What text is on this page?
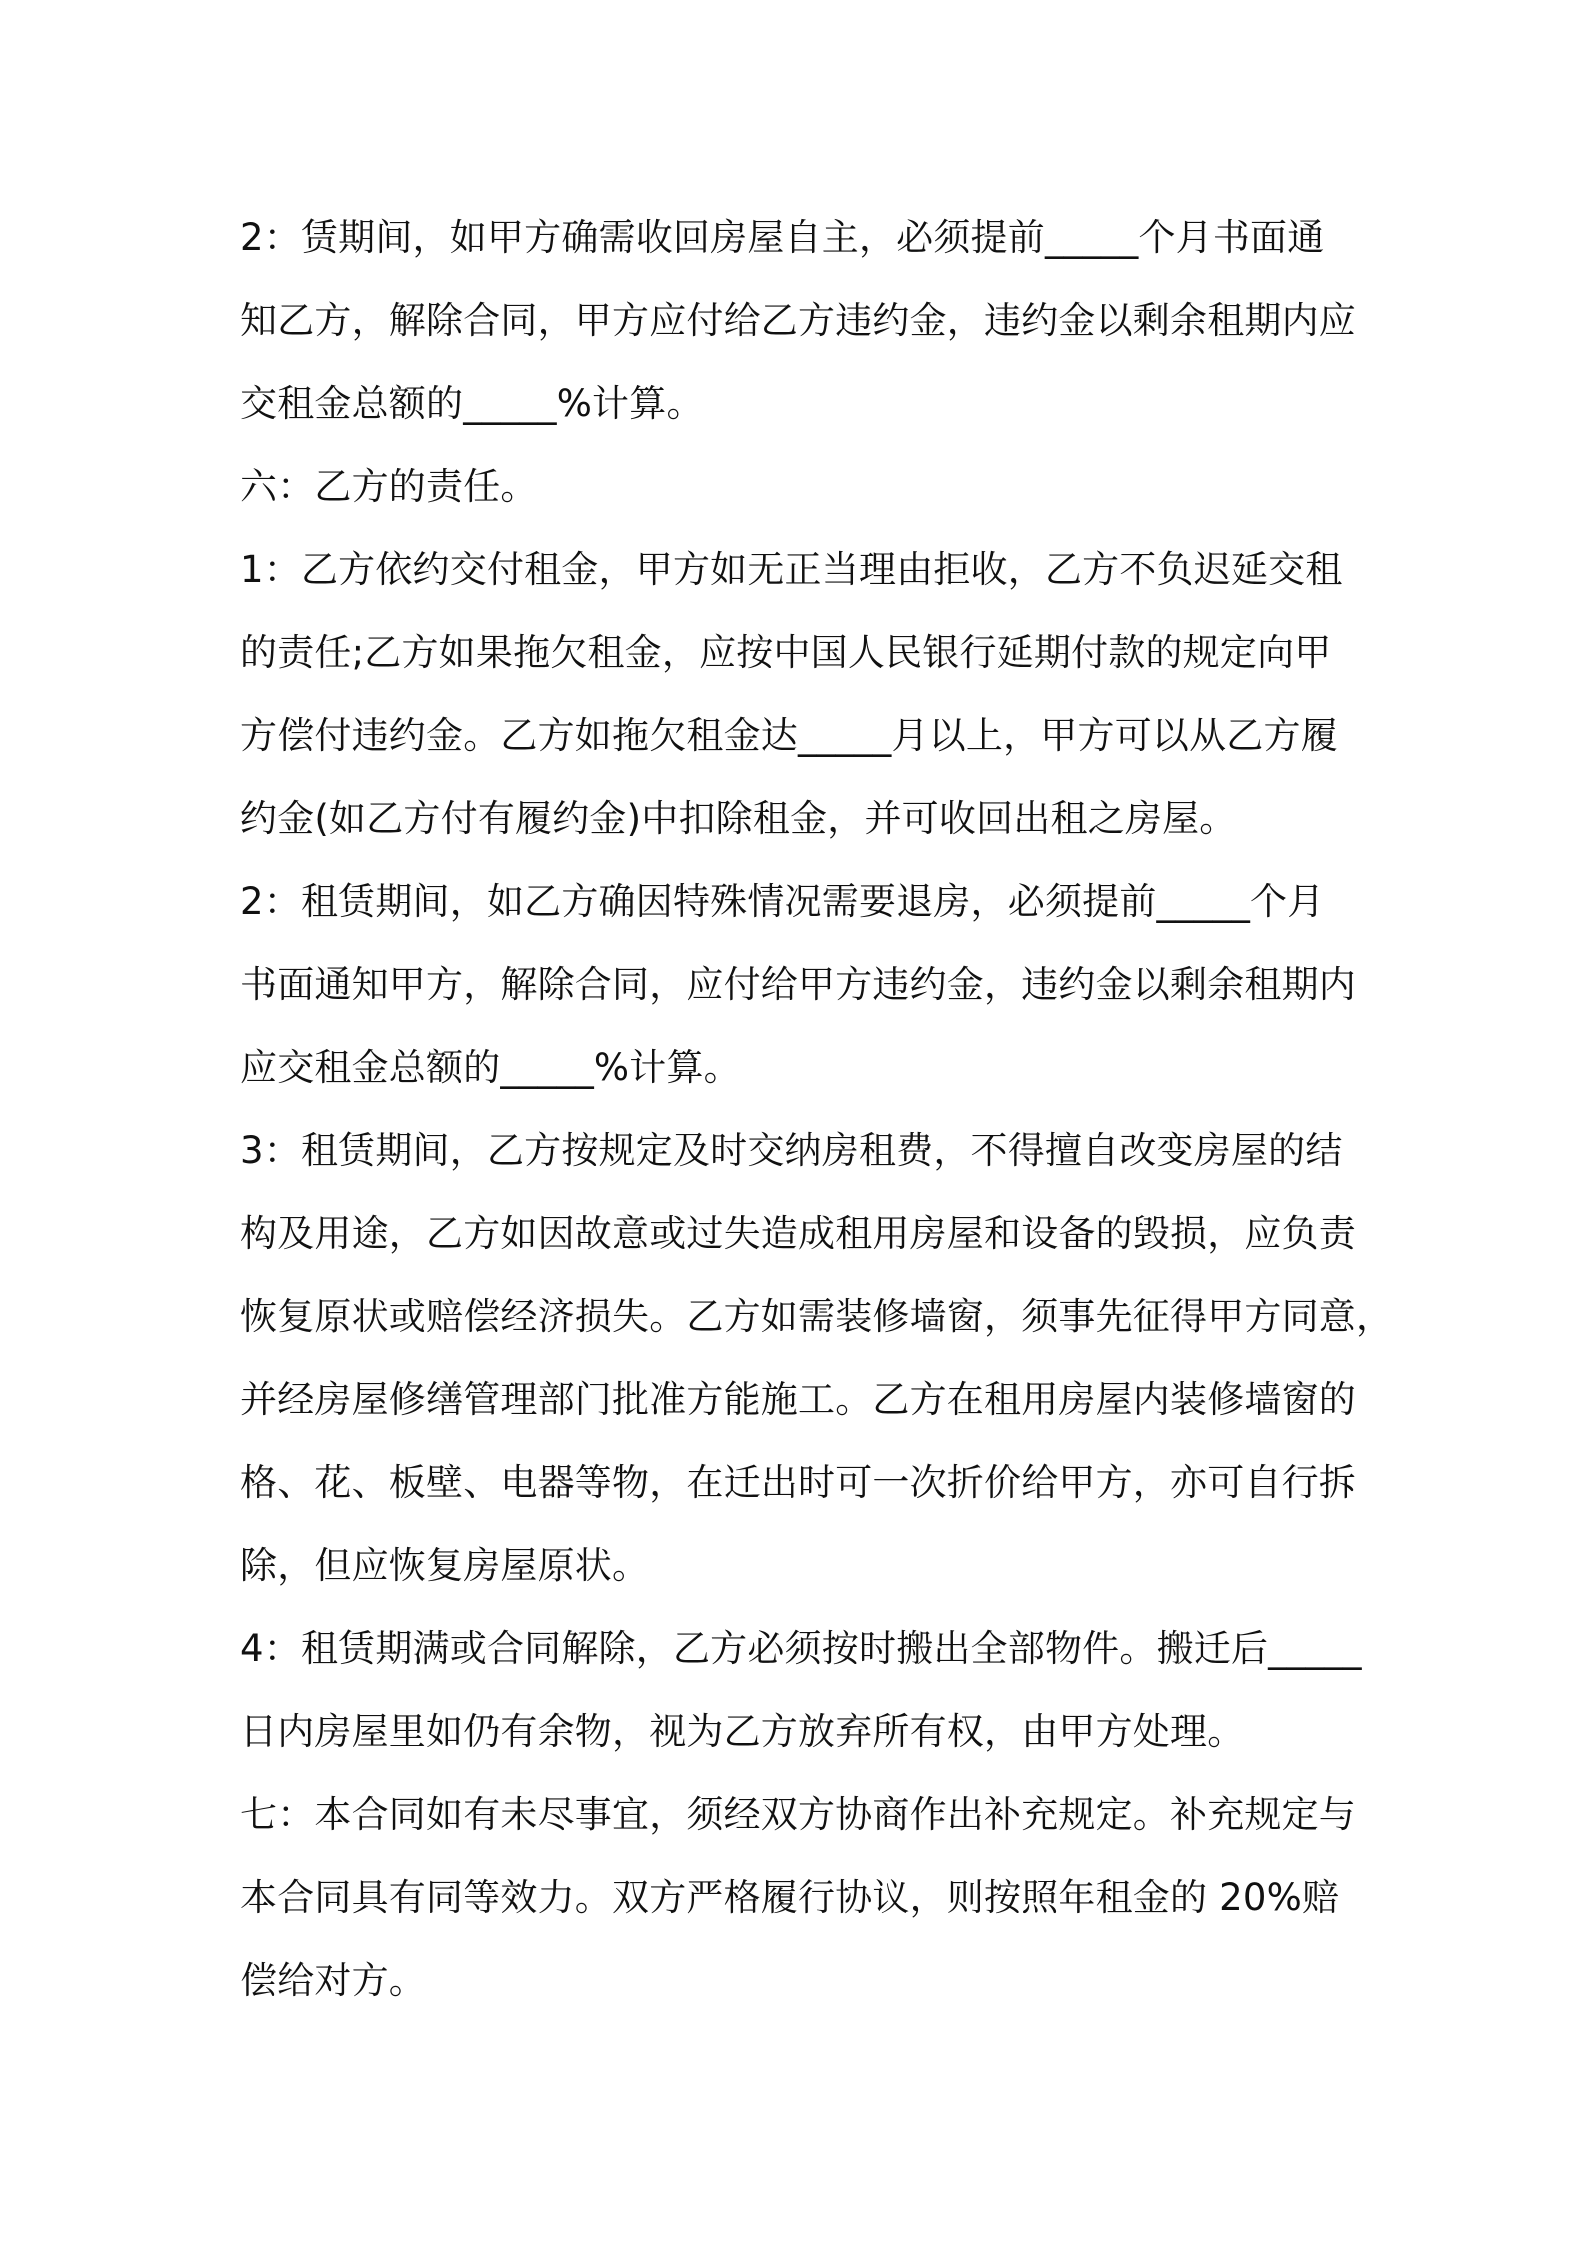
2：赁期间，如甲方确需收回房屋自主，必须提前_____个月书面通
知乙方，解除合同，甲方应付给乙方违约金，违约金以剩余租期内应
交租金总额的_____%计算。
六：乙方的责任。
1：乙方依约交付租金，甲方如无正当理由拒收，乙方不负迟延交租
的责任;乙方如果拖欠租金，应按中国人民银行延期付款的规定向甲
方偿付违约金。乙方如拖欠租金达_____月以上，甲方可以从乙方履
约金(如乙方付有履约金)中扣除租金，并可收回出租之房屋。
2：租赁期间，如乙方确因特殊情况需要退房，必须提前_____个月
书面通知甲方，解除合同，应付给甲方违约金，违约金以剩余租期内
应交租金总额的_____%计算。
3：租赁期间，乙方按规定及时交纳房租费，不得擅自改变房屋的结
构及用途，乙方如因故意或过失造成租用房屋和设备的毁损，应负责
恢复原状或赔偿经济损失。乙方如需装修墙窗，须事先征得甲方同意，
并经房屋修缮管理部门批准方能施工。乙方在租用房屋内装修墙窗的
格、花、板壁、电器等物，在迁出时可一次折价给甲方，亦可自行拆
除，但应恢复房屋原状。
4：租赁期满或合同解除，乙方必须按时搬出全部物件。搬迁后_____
日内房屋里如仍有余物，视为乙方放弃所有权，由甲方处理。
七：本合同如有未尽事宜，须经双方协商作出补充规定。补充规定与
本合同具有同等效力。双方严格履行协议，则按照年租金的 20%赔
偿给对方。
